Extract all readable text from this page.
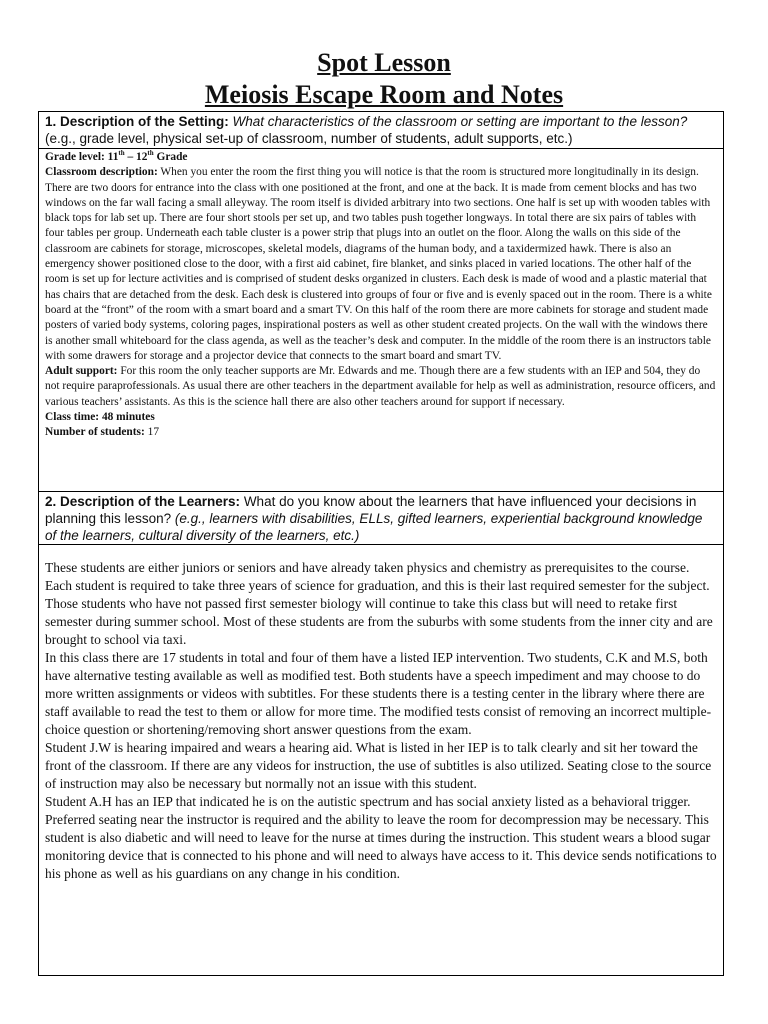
Spot Lesson
Meiosis Escape Room and Notes
1. Description of the Setting: What characteristics of the classroom or setting are important to the lesson? (e.g., grade level, physical set-up of classroom, number of students, adult supports, etc.)

Grade level: 11th – 12th Grade

Classroom description: When you enter the room the first thing you will notice is that the room is structured more longitudinally in its design. There are two doors for entrance into the class with one positioned at the front, and one at the back. It is made from cement blocks and has two windows on the far wall facing a small alleyway. The room itself is divided arbitrary into two sections. One half is set up with wooden tables with black tops for lab set up. There are four short stools per set up, and two tables push together longways. In total there are six pairs of tables with four tables per group. Underneath each table cluster is a power strip that plugs into an outlet on the floor. Along the walls on this side of the classroom are cabinets for storage, microscopes, skeletal models, diagrams of the human body, and a taxidermized hawk. There is also an emergency shower positioned close to the door, with a first aid cabinet, fire blanket, and sinks placed in varied locations. The other half of the room is set up for lecture activities and is comprised of student desks organized in clusters. Each desk is made of wood and a plastic material that has chairs that are detached from the desk. Each desk is clustered into groups of four or five and is evenly spaced out in the room. There is a white board at the “front” of the room with a smart board and a smart TV. On this half of the room there are more cabinets for storage and student made posters of varied body systems, coloring pages, inspirational posters as well as other student created projects. On the wall with the windows there is another small whiteboard for the class agenda, as well as the teacher’s desk and computer. In the middle of the room there is an instructors table with some drawers for storage and a projector device that connects to the smart board and smart TV.

Adult support: For this room the only teacher supports are Mr. Edwards and me. Though there are a few students with an IEP and 504, they do not require paraprofessionals. As usual there are other teachers in the department available for help as well as administration, resource officers, and various teachers’ assistants. As this is the science hall there are also other teachers around for support if necessary.

Class time: 48 minutes

Number of students: 17

2. Description of the Learners: What do you know about the learners that have influenced your decisions in planning this lesson? (e.g., learners with disabilities, ELLs, gifted learners, experiential background knowledge of the learners, cultural diversity of the learners, etc.)

These students are either juniors or seniors and have already taken physics and chemistry as prerequisites to the course. Each student is required to take three years of science for graduation, and this is their last required semester for the subject. Those students who have not passed first semester biology will continue to take this class but will need to retake first semester during summer school. Most of these students are from the suburbs with some students from the inner city and are brought to school via taxi.

In this class there are 17 students in total and four of them have a listed IEP intervention. Two students, C.K and M.S, both have alternative testing available as well as modified test. Both students have a speech impediment and may choose to do more written assignments or videos with subtitles. For these students there is a testing center in the library where there are staff available to read the test to them or allow for more time. The modified tests consist of removing an incorrect multiple-choice question or shortening/removing short answer questions from the exam.

Student J.W is hearing impaired and wears a hearing aid. What is listed in her IEP is to talk clearly and sit her toward the front of the classroom. If there are any videos for instruction, the use of subtitles is also utilized. Seating close to the source of instruction may also be necessary but normally not an issue with this student.

Student A.H has an IEP that indicated he is on the autistic spectrum and has social anxiety listed as a behavioral trigger. Preferred seating near the instructor is required and the ability to leave the room for decompression may be necessary. This student is also diabetic and will need to leave for the nurse at times during the instruction. This student wears a blood sugar monitoring device that is connected to his phone and will need to always have access to it. This device sends notifications to his phone as well as his guardians on any change in his condition.
